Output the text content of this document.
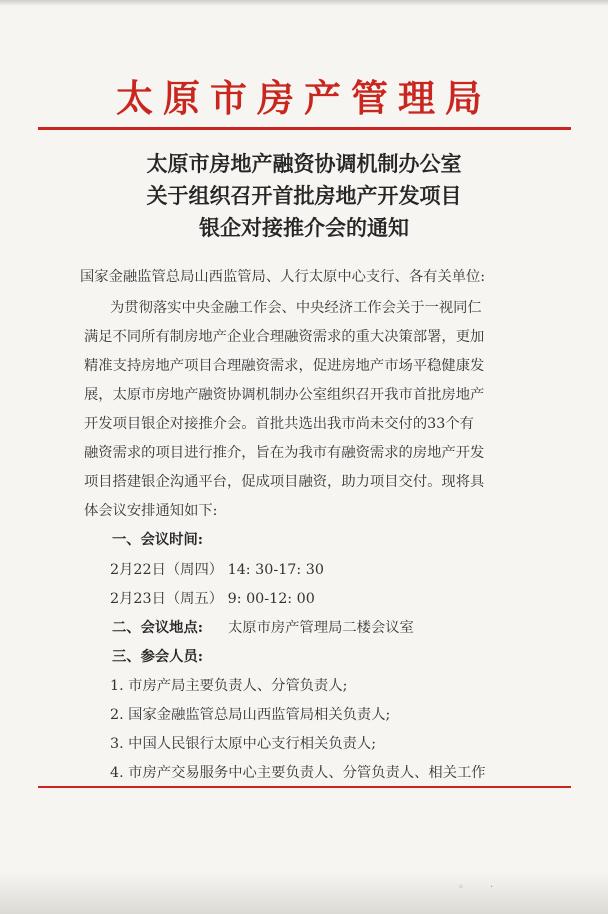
太原市房产管理局
太原市房地产融资协调机制办公室
关于组织召开首批房地产开发项目
银企对接推介会的通知
国家金融监管总局山西监管局、人行太原中心支行、各有关单位:
为贯彻落实中央金融工作会、中央经济工作会关于一视同仁
满足不同所有制房地产企业合理融资需求的重大决策部署，更加
精准支持房地产项目合理融资需求，促进房地产市场平稳健康发
展，太原市房地产融资协调机制办公室组织召开我市首批房地产
开发项目银企对接推介会。首批共选出我市尚未交付的33个有
融资需求的项目进行推介，旨在为我市有融资需求的房地产开发
项目搭建银企沟通平台，促成项目融资，助力项目交付。现将具
体会议安排通知如下:
一、会议时间:
2月22日（周四） 14: 30-17: 30
2月23日（周五） 9: 00-12: 00
二、会议地点: 太原市房产管理局二楼会议室
三、参会人员:
1. 市房产局主要负责人、分管负责人;
2. 国家金融监管总局山西监管局相关负责人;
3. 中国人民银行太原中心支行相关负责人;
4. 市房产交易服务中心主要负责人、分管负责人、相关工作
◦	·
